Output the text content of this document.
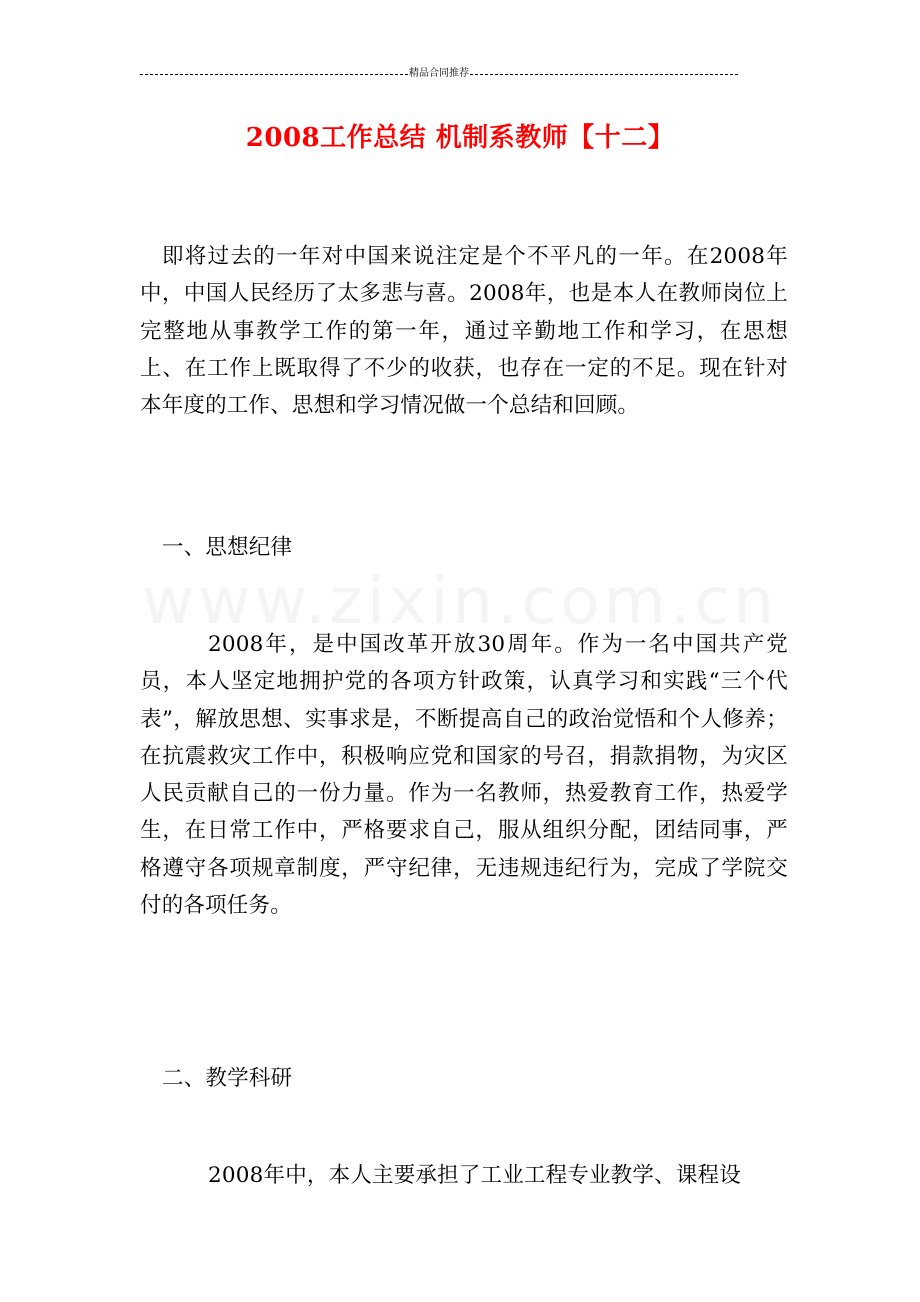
精品合同推荐
2008工作总结 机制系教师【十二】

即将过去的一年对中国来说注定是个不平凡的一年。在2008年中，中国人民经历了太多悲与喜。2008年，也是本人在教师岗位上完整地从事教学工作的第一年，通过辛勤地工作和学习，在思想上、在工作上既取得了不少的收获，也存在一定的不足。现在针对本年度的工作、思想和学习情况做一个总结和回顾。

一、思想纪律

2008年，是中国改革开放30周年。作为一名中国共产党员，本人坚定地拥护党的各项方针政策，认真学习和实践“三个代表”，解放思想、实事求是，不断提高自己的政治觉悟和个人修养；在抗震救灾工作中，积极响应党和国家的号召，捐款捐物，为灾区人民贡献自己的一份力量。作为一名教师，热爱教育工作，热爱学生，在日常工作中，严格要求自己，服从组织分配，团结同事，严格遵守各项规章制度，严守纪律，无违规违纪行为，完成了学院交付的各项任务。

二、教学科研

2008年中，本人主要承担了工业工程专业教学、课程设
